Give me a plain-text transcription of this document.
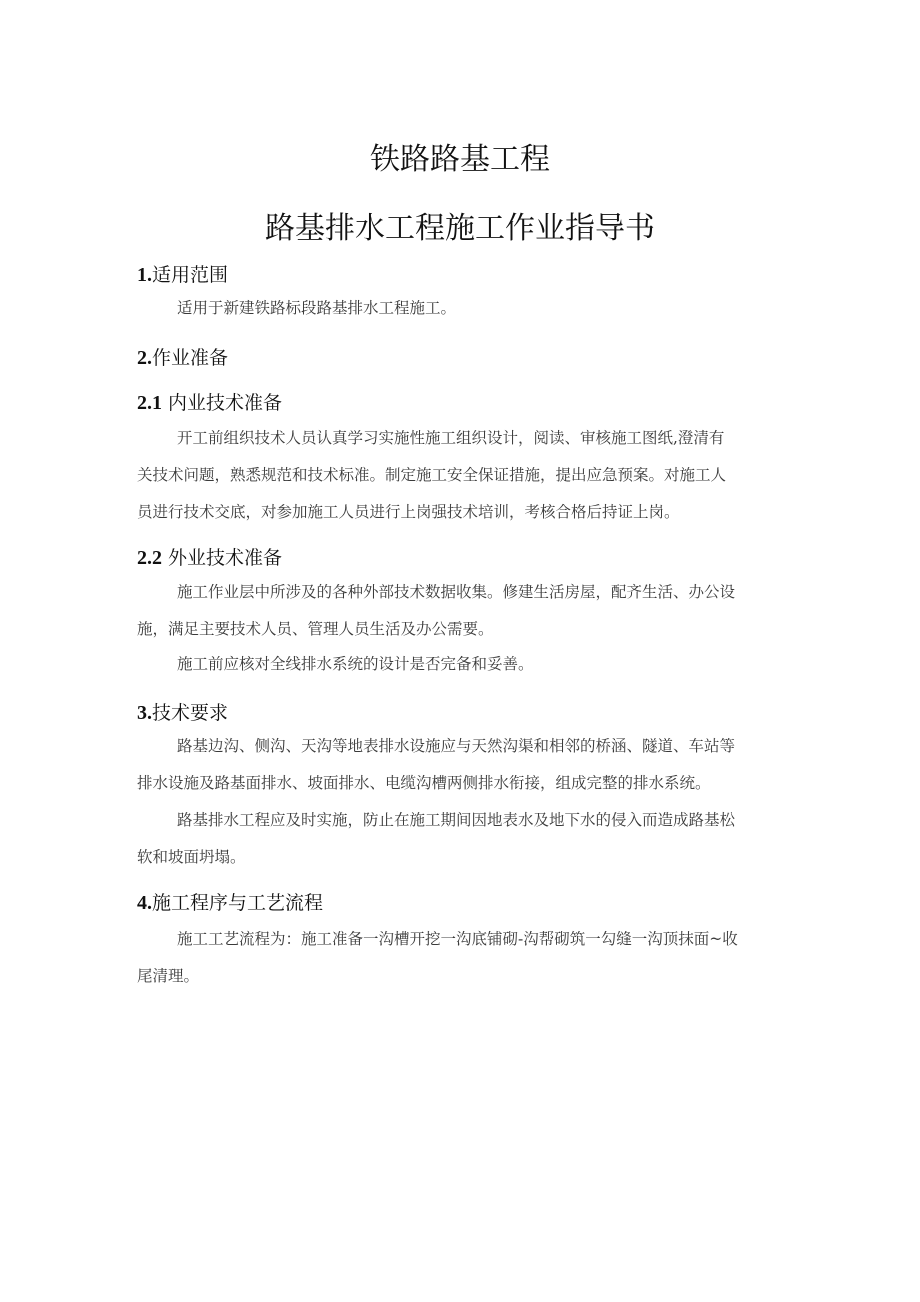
铁路路基工程
路基排水工程施工作业指导书
1.适用范围
适用于新建铁路标段路基排水工程施工。
2.作业准备
2.1 内业技术准备
开工前组织技术人员认真学习实施性施工组织设计，阅读、审核施工图纸,澄清有
关技术问题，熟悉规范和技术标准。制定施工安全保证措施，提出应急预案。对施工人
员进行技术交底，对参加施工人员进行上岗强技术培训，考核合格后持证上岗。
2.2 外业技术准备
施工作业层中所涉及的各种外部技术数据收集。修建生活房屋，配齐生活、办公设
施，满足主要技术人员、管理人员生活及办公需要。
施工前应核对全线排水系统的设计是否完备和妥善。
3.技术要求
路基边沟、侧沟、天沟等地表排水设施应与天然沟渠和相邻的桥涵、隧道、车站等
排水设施及路基面排水、坡面排水、电缆沟槽两侧排水衔接，组成完整的排水系统。
路基排水工程应及时实施，防止在施工期间因地表水及地下水的侵入而造成路基松
软和坡面坍塌。
4.施工程序与工艺流程
施工工艺流程为：施工准备一沟槽开挖一沟底铺砌-沟帮砌筑一勾缝一沟顶抹面~收
尾清理。
